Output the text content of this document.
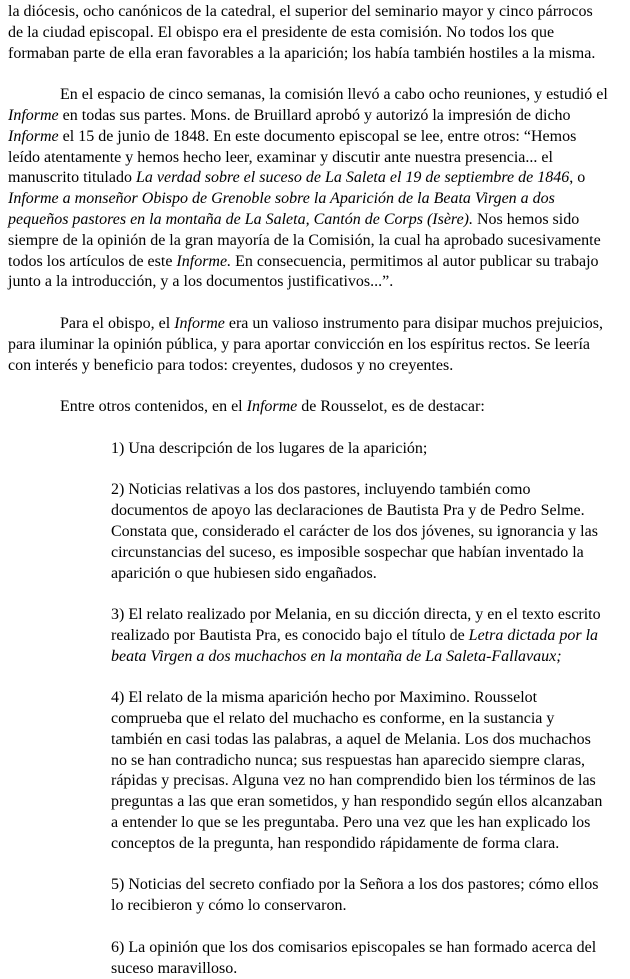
la diócesis, ocho canónicos de la catedral, el superior del seminario mayor y cinco párrocos de la ciudad episcopal. El obispo era el presidente de esta comisión. No todos los que formaban parte de ella eran favorables a la aparición; los había también hostiles a la misma.

En el espacio de cinco semanas, la comisión llevó a cabo ocho reuniones, y estudió el Informe en todas sus partes. Mons. de Bruillard aprobó y autorizó la impresión de dicho Informe el 15 de junio de 1848. En este documento episcopal se lee, entre otros: “Hemos leído atentamente y hemos hecho leer, examinar y discutir ante nuestra presencia... el manuscrito titulado La verdad sobre el suceso de La Saleta el 19 de septiembre de 1846, o Informe a monseñor Obispo de Grenoble sobre la Aparición de la Beata Virgen a dos pequeños pastores en la montaña de La Saleta, Cantón de Corps (Isère). Nos hemos sido siempre de la opinión de la gran mayoría de la Comisión, la cual ha aprobado sucesivamente todos los artículos de este Informe. En consecuencia, permitimos al autor publicar su trabajo junto a la introducción, y a los documentos justificativos...”.

Para el obispo, el Informe era un valioso instrumento para disipar muchos prejuicios, para iluminar la opinión pública, y para aportar convicción en los espíritus rectos. Se leería con interés y beneficio para todos: creyentes, dudosos y no creyentes.

Entre otros contenidos, en el Informe de Rousselot, es de destacar:

1) Una descripción de los lugares de la aparición;

2) Noticias relativas a los dos pastores, incluyendo también como documentos de apoyo las declaraciones de Bautista Pra y de Pedro Selme. Constata que, considerado el carácter de los dos jóvenes, su ignorancia y las circunstancias del suceso, es imposible sospechar que habían inventado la aparición o que hubiesen sido engañados.

3) El relato realizado por Melania, en su dicción directa, y en el texto escrito realizado por Bautista Pra, es conocido bajo el título de Letra dictada por la beata Virgen a dos muchachos en la montaña de La Saleta-Fallavaux;

4) El relato de la misma aparición hecho por Maximino. Rousselot comprueba que el relato del muchacho es conforme, en la sustancia y también en casi todas las palabras, a aquel de Melania. Los dos muchachos no se han contradicho nunca; sus respuestas han aparecido siempre claras, rápidas y precisas. Alguna vez no han comprendido bien los términos de las preguntas a las que eran sometidos, y han respondido según ellos alcanzaban a entender lo que se les preguntaba. Pero una vez que les han explicado los conceptos de la pregunta, han respondido rápidamente de forma clara.

5) Noticias del secreto confiado por la Señora a los dos pastores; cómo ellos lo recibieron y cómo lo conservaron.

6) La opinión que los dos comisarios episcopales se han formado acerca del suceso maravilloso.
